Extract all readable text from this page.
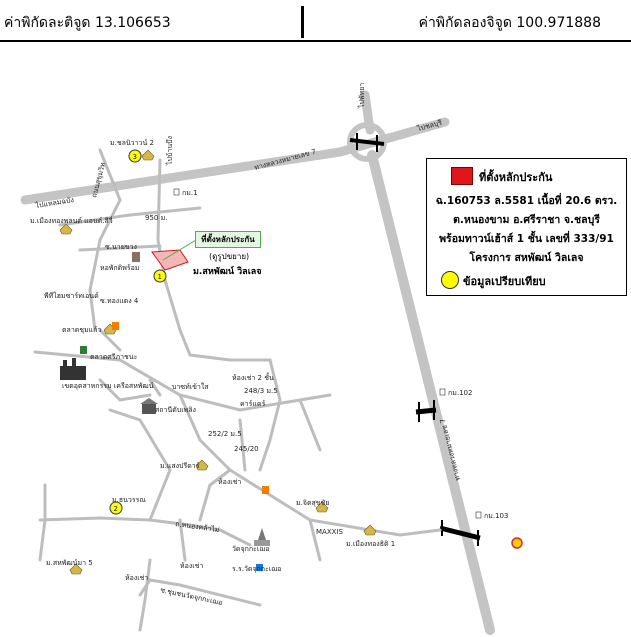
ค่าพิกัดละติจูด 13.106653	ค่าพิกัดลองจิจูด 100.971888
1
2
3
ไปพัทยา
ไปชลบุรี
ไปแหลมฉบัง
ทางหลวงหมายเลข 7
ทางหลวงหมายเลข 7
ถนนสุขุมวิท
ไปบ้านบึง
กม.1
กม.102
กม.103
ม.ชลนิวาวน์ 2
ม.เมืองทองพลนต์ แอนด์.ลีวี่	950 ม.
ซ.นายขวง
หอพักดิพร้อม
พีทีไฮมซาร์ทเอนด์
ซ.ทองแดง 4
ตลาดชุมแก้ว
ตลาดศรีภาชนะ
เขตอุตสาหกรรม เครือสหพัฒน์
ห้องเช่า 2 ชั้น
248/3 ม.5
คาร์แคร์
บาซท์เข้าใส
สถานีดับเพลิง
252/2 ม.5
245/20
ม.แสงปรีดาร์
ห้องเช่า
ม.จิตสุขชัย
ม.ธนวรรณ
MAXXIS
ม.เมืองทองธิติ 1
ถ.หนองคล้าไม่
วัดจุกกะเฌอ
ร.ร.วัดจุกกะเฌอ
ห้องเช่า
ห้องเช่า
ม.สหพัฒน์มา 5
ซ.ชุมชนวัดจุกกะเฌอ
ที่ตั้งหลักประกัน
(ดูรูปขยาย)
ม.สหพัฒน์ วิลเลจ
ที่ตั้งหลักประกัน
ฉ.160753 ล.5581 เนื้อที่ 20.6 ตรว.
ต.หนองขาม อ.ศรีราชา จ.ชลบุรี
พร้อมทาวน์เฮ้าส์ 1 ชั้น เลขที่ 333/91
โครงการ สหพัฒน์ วิลเลจ
ข้อมูลเปรียบเทียบ
